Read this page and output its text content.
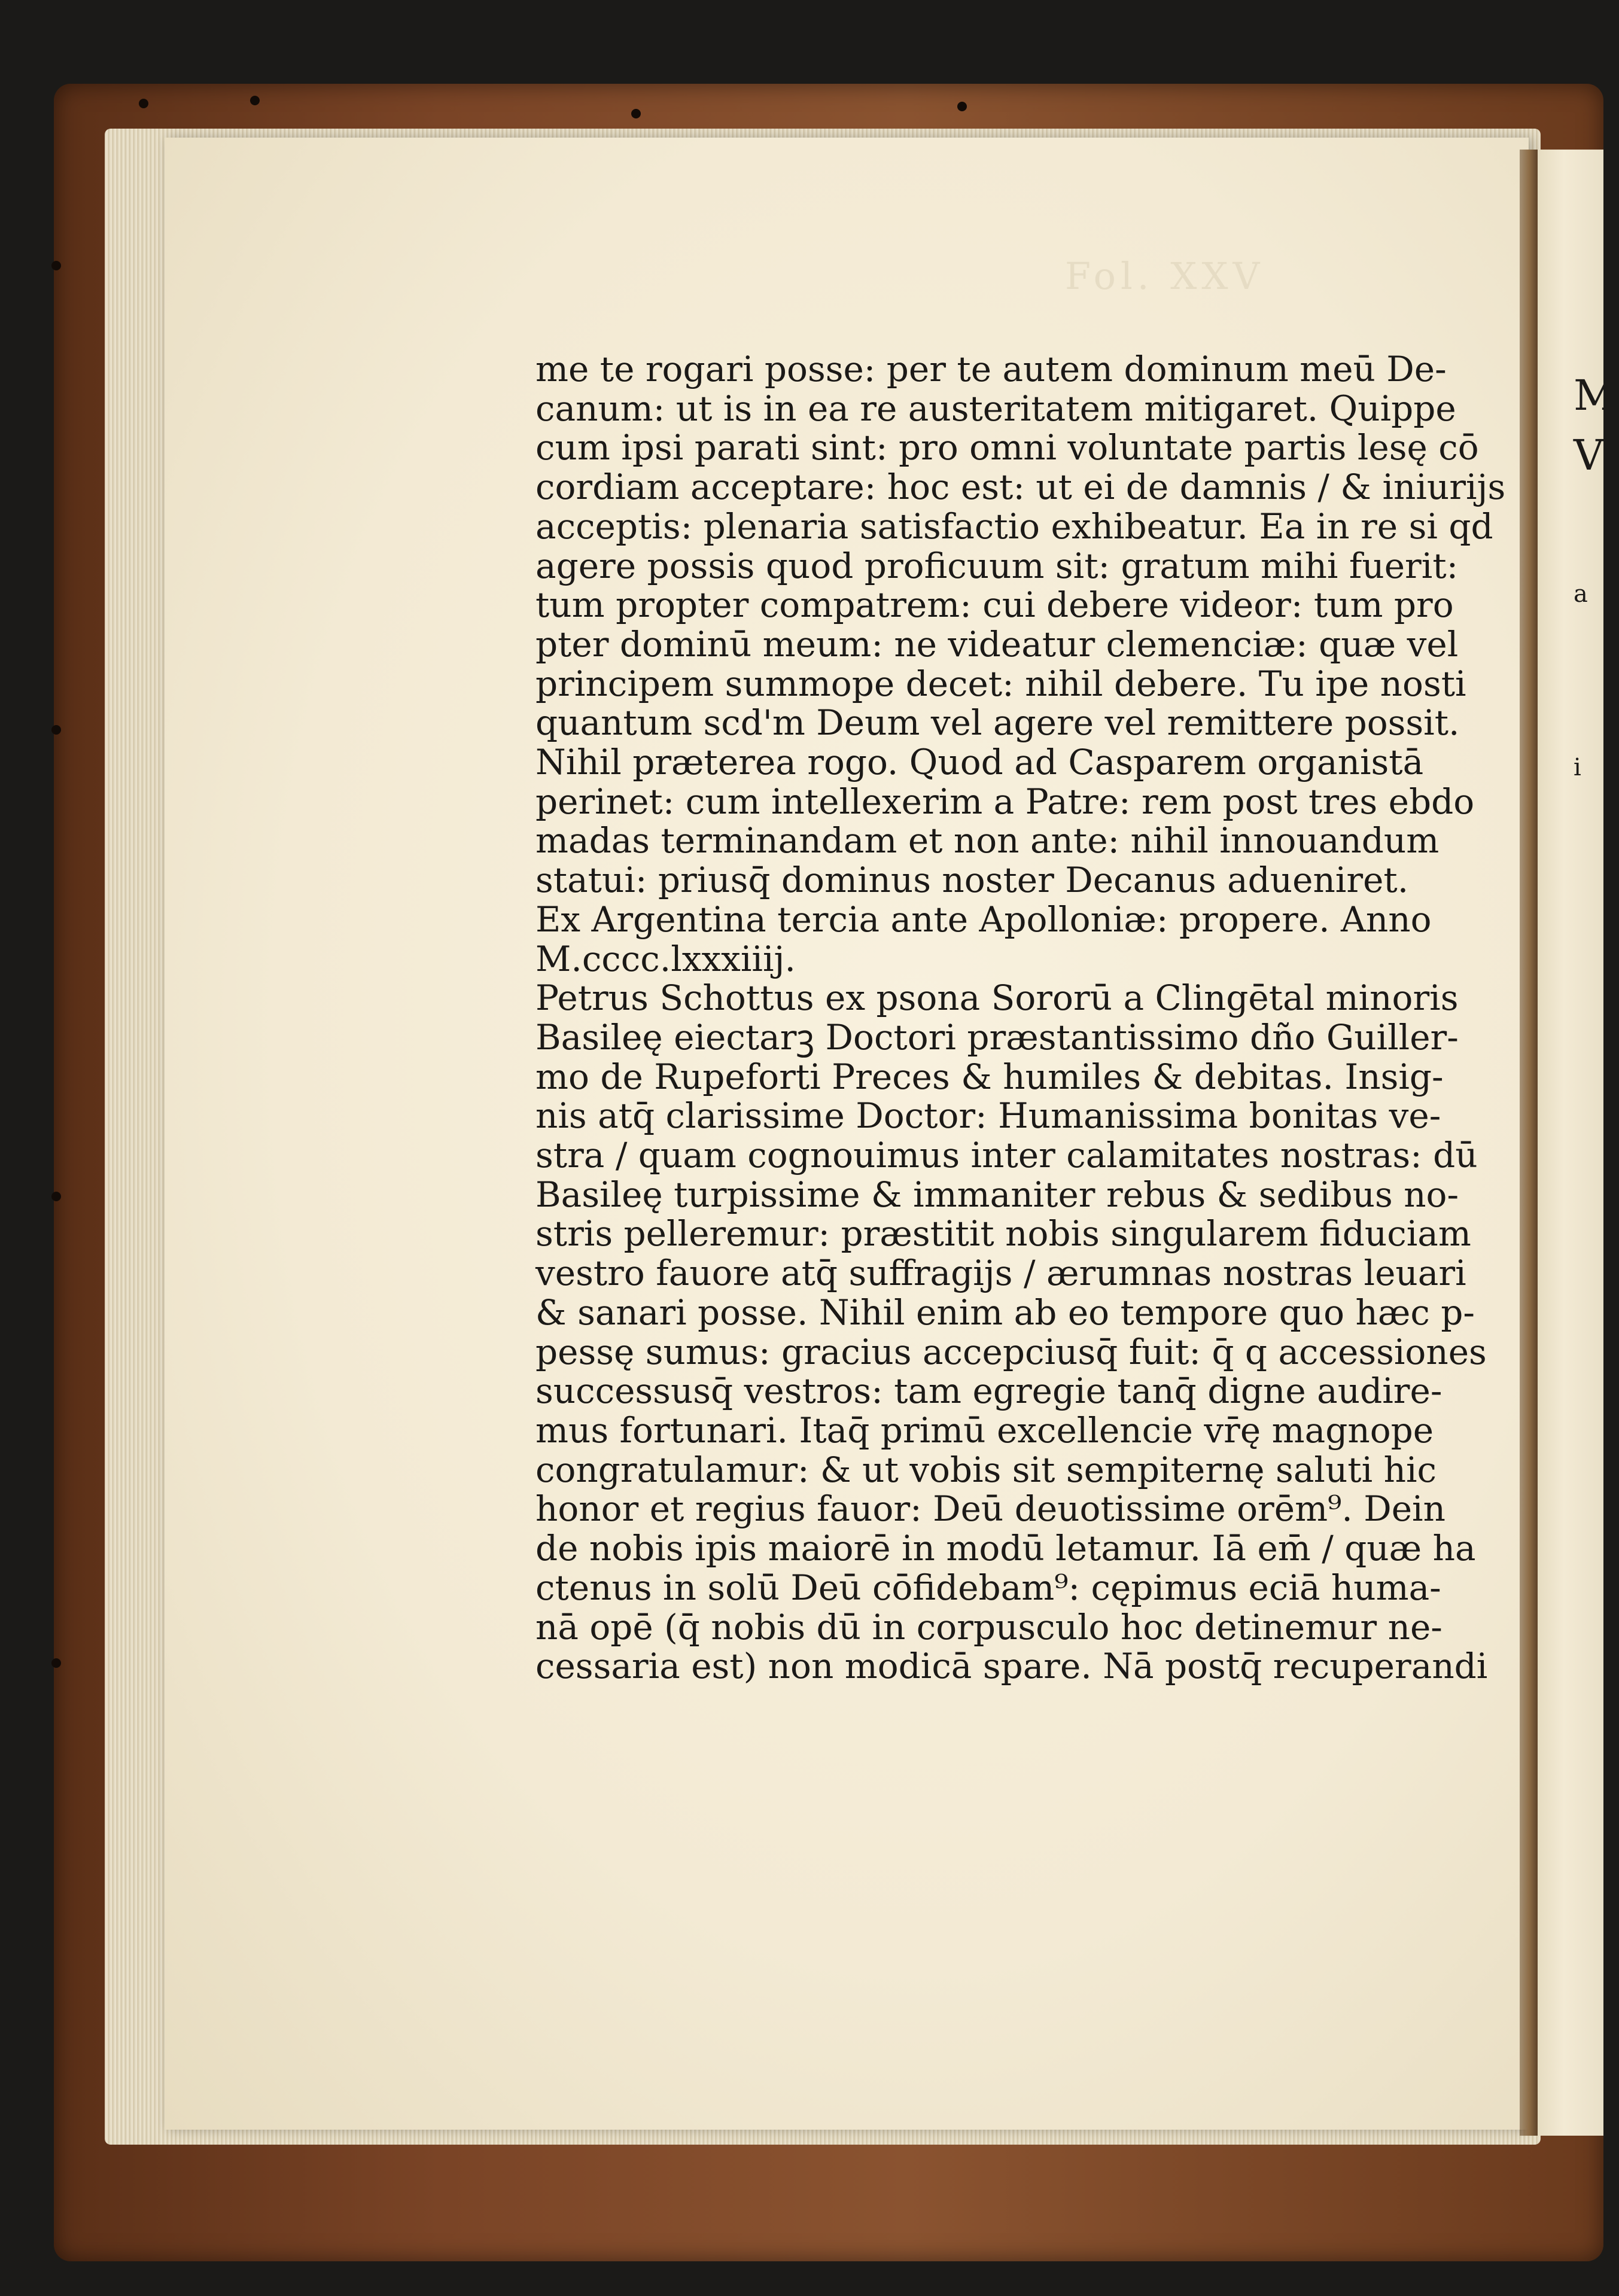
Fol. XXV
M
V
a
i
me te rogari posse: per te autem dominum meū De-
canum: ut is in ea re austeritatem mitigaret. Quippe
cum ipsi parati sint: pro omni voluntate partis lesę cō
cordiam acceptare: hoc est: ut ei de damnis / & iniurijs
acceptis: plenaria satisfactio exhibeatur. Ea in re si qd
agere possis quod proficuum sit: gratum mihi fuerit:
tum propter compatrem: cui debere videor: tum pro
pter dominū meum: ne videatur clemenciæ: quæ vel
principem summope decet: nihil debere. Tu ipe nosti
quantum scd'm Deum vel agere vel remittere possit.
Nihil præterea rogo. Quod ad Casparem organistā
perinet: cum intellexerim a Patre: rem post tres ebdo
madas terminandam et non ante: nihil innouandum
statui: priusq̄ dominus noster Decanus adueniret.
Ex Argentina tercia ante Apolloniæ: propere. Anno
M.cccc.lxxxiiij.
Petrus Schottus ex psona Sororū a Clingētal minoris
Basileę eiectarꝫ Doctori præstantissimo dño Guiller-
mo de Rupeforti Preces & humiles & debitas. Insig-
nis atq̄ clarissime Doctor: Humanissima bonitas ve-
stra / quam cognouimus inter calamitates nostras: dū
Basileę turpissime & immaniter rebus & sedibus no-
stris pelleremur: præstitit nobis singularem fiduciam
vestro fauore atq̄ suffragijs / ærumnas nostras leuari
& sanari posse. Nihil enim ab eo tempore quo hæc p-
pessę sumus: gracius accepciusq̄ fuit: q̄ q accessiones
successusq̄ vestros: tam egregie tanq̄ digne audire-
mus fortunari. Itaq̄ primū excellencie vr̄ę magnope
congratulamur: & ut vobis sit sempiternę saluti hic
honor et regius fauor: Deū deuotissime orēm⁹. Dein
de nobis ipis maiorē in modū letamur. Iā em̄ / quæ ha
ctenus in solū Deū cōfidebam⁹: cępimus eciā huma-
nā opē (q̄ nobis dū in corpusculo hoc detinemur ne-
cessaria est) non modicā spare. Nā postq̄ recuperandi
